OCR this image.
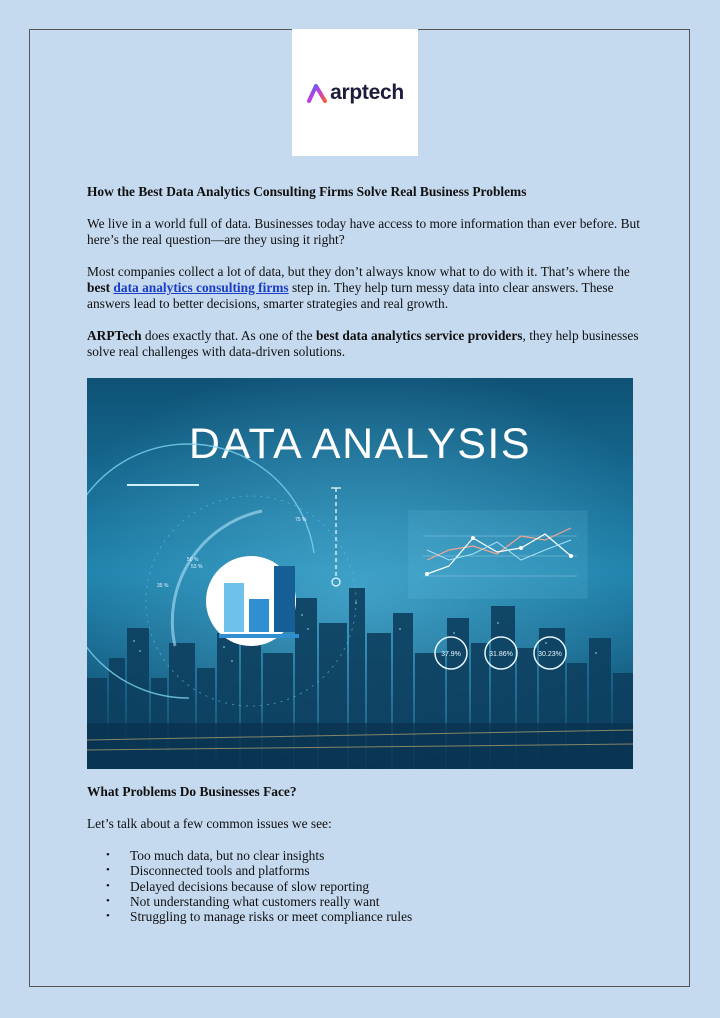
arptech

How the Best Data Analytics Consulting Firms Solve Real Business Problems

We live in a world full of data. Businesses today have access to more information than ever before. But here’s the real question—are they using it right?

Most companies collect a lot of data, but they don’t always know what to do with it. That’s where the best data analytics consulting firms step in. They help turn messy data into clear answers. These answers lead to better decisions, smarter strategies and real growth.

ARPTech does exactly that. As one of the best data analytics service providers, they help businesses solve real challenges with data-driven solutions.

DATA ANALYSIS
75 %
50 %
53 %
35 %
37.9%	31.86%	30.23%

What Problems Do Businesses Face?

Let’s talk about a few common issues we see:

• Too much data, but no clear insights
• Disconnected tools and platforms
• Delayed decisions because of slow reporting
• Not understanding what customers really want
• Struggling to manage risks or meet compliance rules
